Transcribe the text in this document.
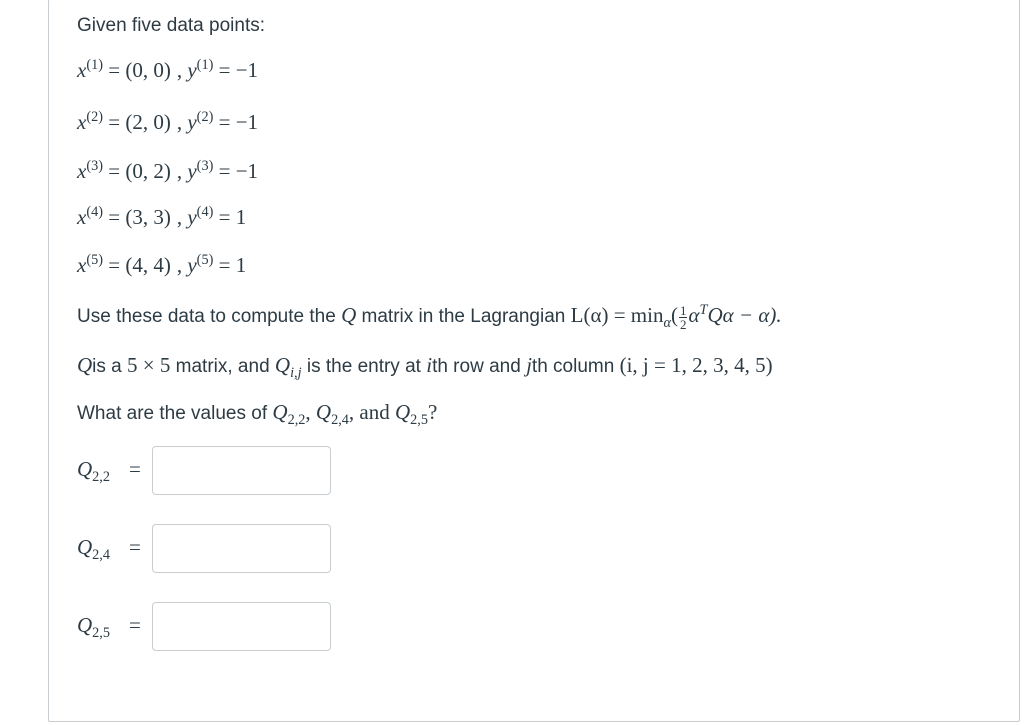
Given five data points:
$x^{(1)} = (0$, 0) , $y^{(1)} = -1$
$x^{(2)} = (2$, 0) , $y^{(2)} = -1$
$x^{(3)} = (0$, 2) , $y^{(3)} = -1$
$x^{(4)} = (3$, 3) , $y^{(4)} = 1$
$x^{(5)} = (4$, 4) , $y^{(5)} = 1$
Use these data to compute the Q matrix in the Lagrangian $L(\alpha) = \min_\alpha( \frac{1}{2} \alpha^TQ\alpha - \alpha)$.
Qis a 5 × 5 matrix, and $Q_{i,j}$ is the entry at ith row and jth column (i, j = 1, 2, 3, 4, 5)
What are the values of $Q_{2,2}$, $Q_{2,4}$, and $Q_{2,5}$?
$Q_{2,2}$ =
$Q_{2,4}$ =
$Q_{2,5}$ =
